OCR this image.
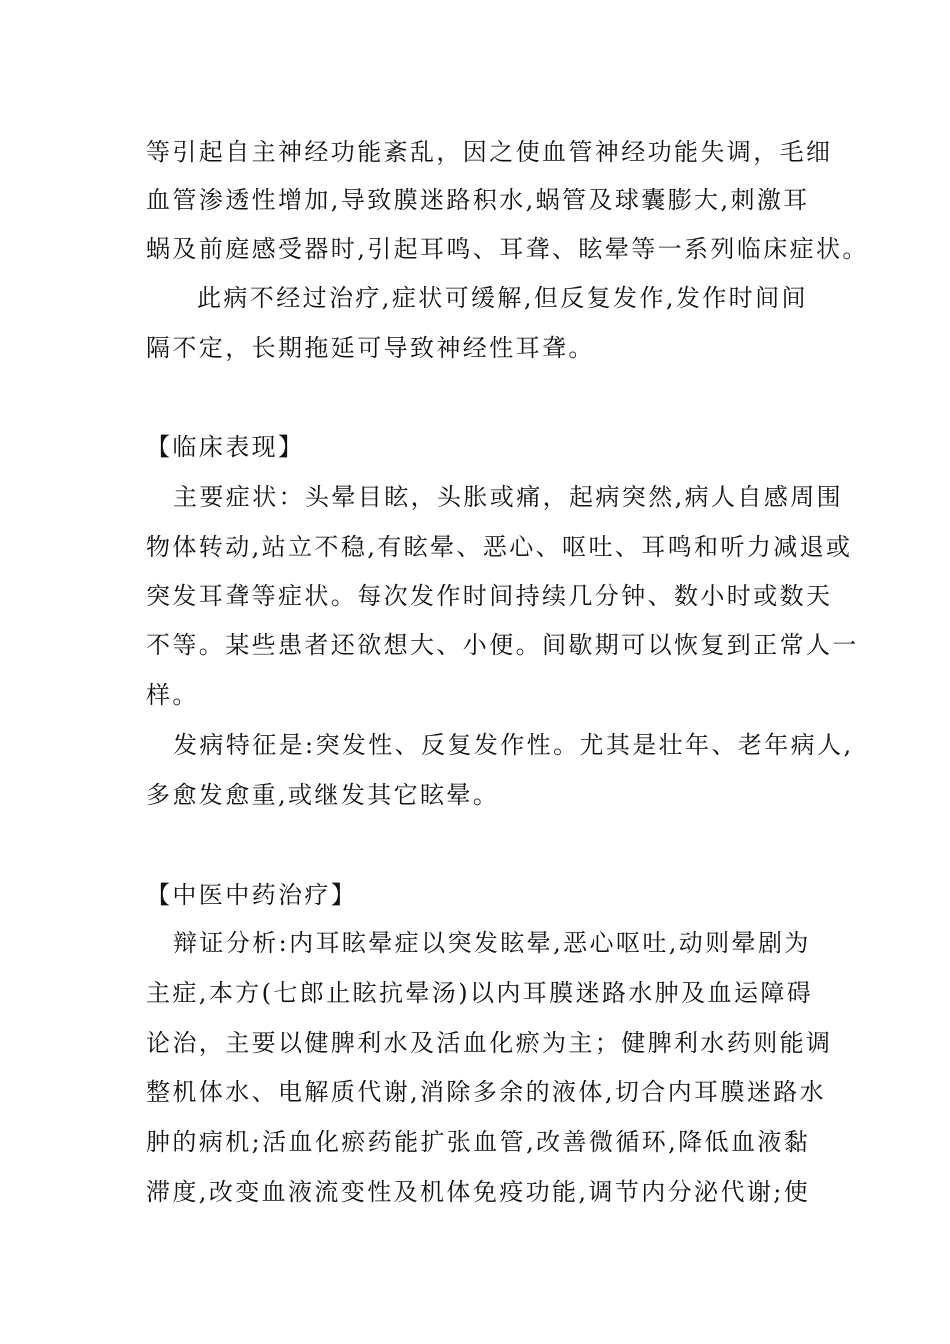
等引起自主神经功能紊乱，因之使血管神经功能失调，毛细
血管渗透性增加,导致膜迷路积水,蜗管及球囊膨大,刺激耳
蜗及前庭感受器时,引起耳鸣、耳聋、眩晕等一系列临床症状。
此病不经过治疗,症状可缓解,但反复发作,发作时间间
隔不定，长期拖延可导致神经性耳聋。
【临床表现】
主要症状：头晕目眩，头胀或痛，起病突然,病人自感周围
物体转动,站立不稳,有眩晕、恶心、呕吐、耳鸣和听力减退或
突发耳聋等症状。每次发作时间持续几分钟、数小时或数天
不等。某些患者还欲想大、小便。间歇期可以恢复到正常人一
样。
发病特征是:突发性、反复发作性。尤其是壮年、老年病人,
多愈发愈重,或继发其它眩晕。
【中医中药治疗】
辩证分析:内耳眩晕症以突发眩晕,恶心呕吐,动则晕剧为
主症,本方(七郎止眩抗晕汤)以内耳膜迷路水肿及血运障碍
论治，主要以健脾利水及活血化瘀为主；健脾利水药则能调
整机体水、电解质代谢,消除多余的液体,切合内耳膜迷路水
肿的病机;活血化瘀药能扩张血管,改善微循环,降低血液黏
滞度,改变血液流变性及机体免疫功能,调节内分泌代谢;使
